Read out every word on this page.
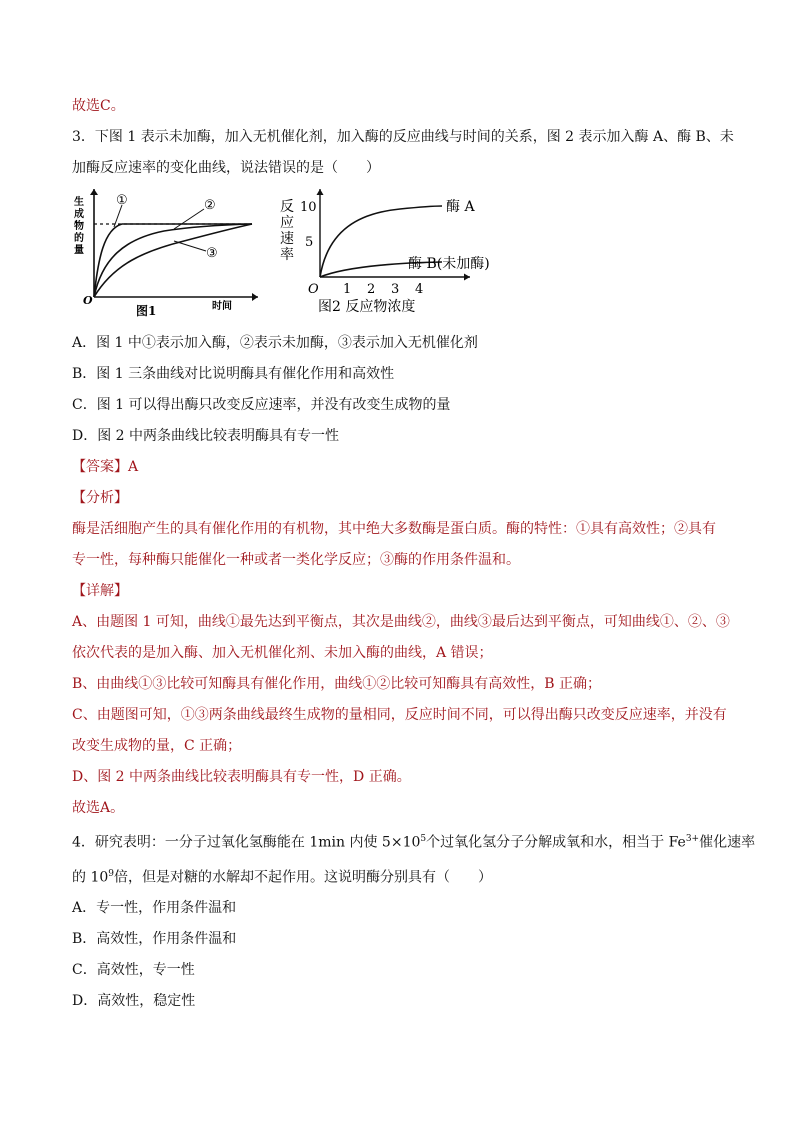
故选C。

3．下图 1 表示未加酶，加入无机催化剂，加入酶的反应曲线与时间的关系，图 2 表示加入酶 A、酶 B、未

加酶反应速率的变化曲线，说法错误的是（　　）

生
成
物
的
量
O
①	②
③
图1	时间
反
应
速
率
10
5
O 1 2 3 4
酶 A
酶 B(未加酶)
图2 反应物浓度

A．图 1 中①表示加入酶，②表示未加酶，③表示加入无机催化剂

B．图 1 三条曲线对比说明酶具有催化作用和高效性

C．图 1 可以得出酶只改变反应速率，并没有改变生成物的量

D．图 2 中两条曲线比较表明酶具有专一性

【答案】A

【分析】

酶是活细胞产生的具有催化作用的有机物，其中绝大多数酶是蛋白质。酶的特性：①具有高效性；②具有

专一性，每种酶只能催化一种或者一类化学反应；③酶的作用条件温和。

【详解】

A、由题图 1 可知，曲线①最先达到平衡点，其次是曲线②，曲线③最后达到平衡点，可知曲线①、②、③

依次代表的是加入酶、加入无机催化剂、未加入酶的曲线，A 错误；

B、由曲线①③比较可知酶具有催化作用，曲线①②比较可知酶具有高效性，B 正确；

C、由题图可知，①③两条曲线最终生成物的量相同，反应时间不同，可以得出酶只改变反应速率，并没有

改变生成物的量，C 正确；

D、图 2 中两条曲线比较表明酶具有专一性，D 正确。

故选A。

4．研究表明：一分子过氧化氢酶能在 1min 内使 $5\times 10^5$个过氧化氢分子分解成氧和水，相当于 $Fe^{3+}$催化速率

的 $10^9$倍，但是对糖的水解却不起作用。这说明酶分别具有（　　）

A．专一性，作用条件温和

B．高效性，作用条件温和

C．高效性，专一性

D．高效性，稳定性
